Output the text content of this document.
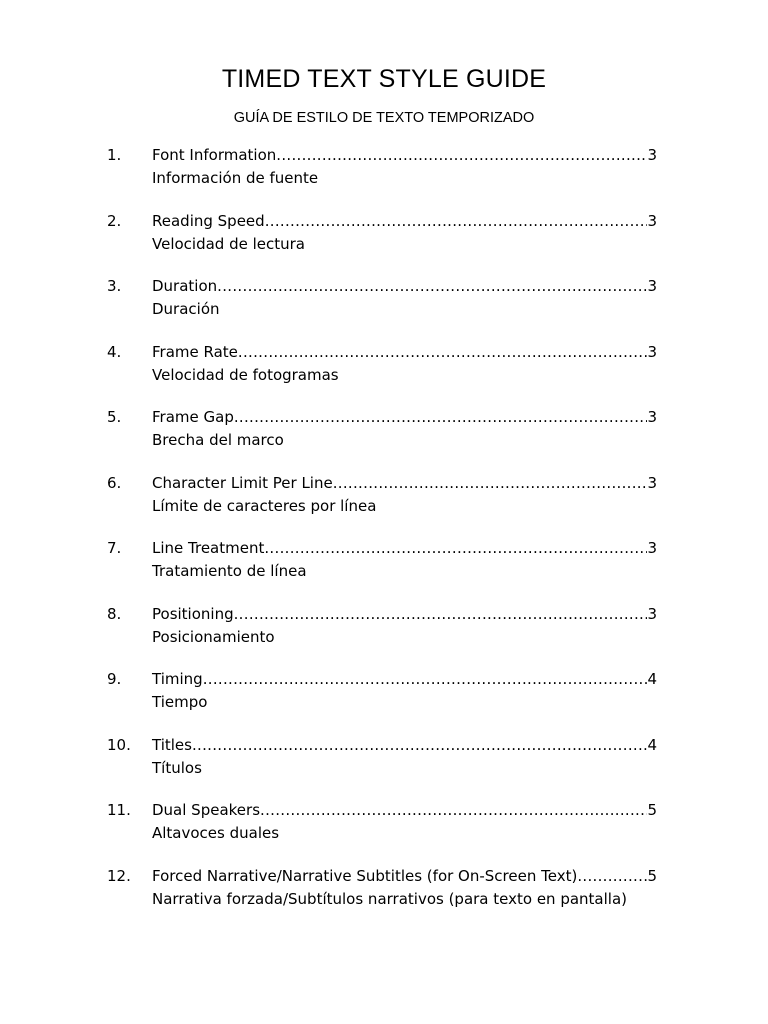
TIMED TEXT STYLE GUIDE
GUÍA DE ESTILO DE TEXTO TEMPORIZADO
1. Font Information .....	3
Información de fuente
2. Reading Speed .....	3
Velocidad de lectura
3. Duration .....	3
Duración
4. Frame Rate .....	3
Velocidad de fotogramas
5. Frame Gap .....	3
Brecha del marco
6. Character Limit Per Line .....	3
Límite de caracteres por línea
7. Line Treatment .....	3
Tratamiento de línea
8. Positioning .....	3
Posicionamiento
9. Timing .....	4
Tiempo
10. Titles .....	4
Títulos
11. Dual Speakers .....	5
Altavoces duales
12. Forced Narrative/Narrative Subtitles (for On-Screen Text) .....	5
Narrativa forzada/Subtítulos narrativos (para texto en pantalla)
